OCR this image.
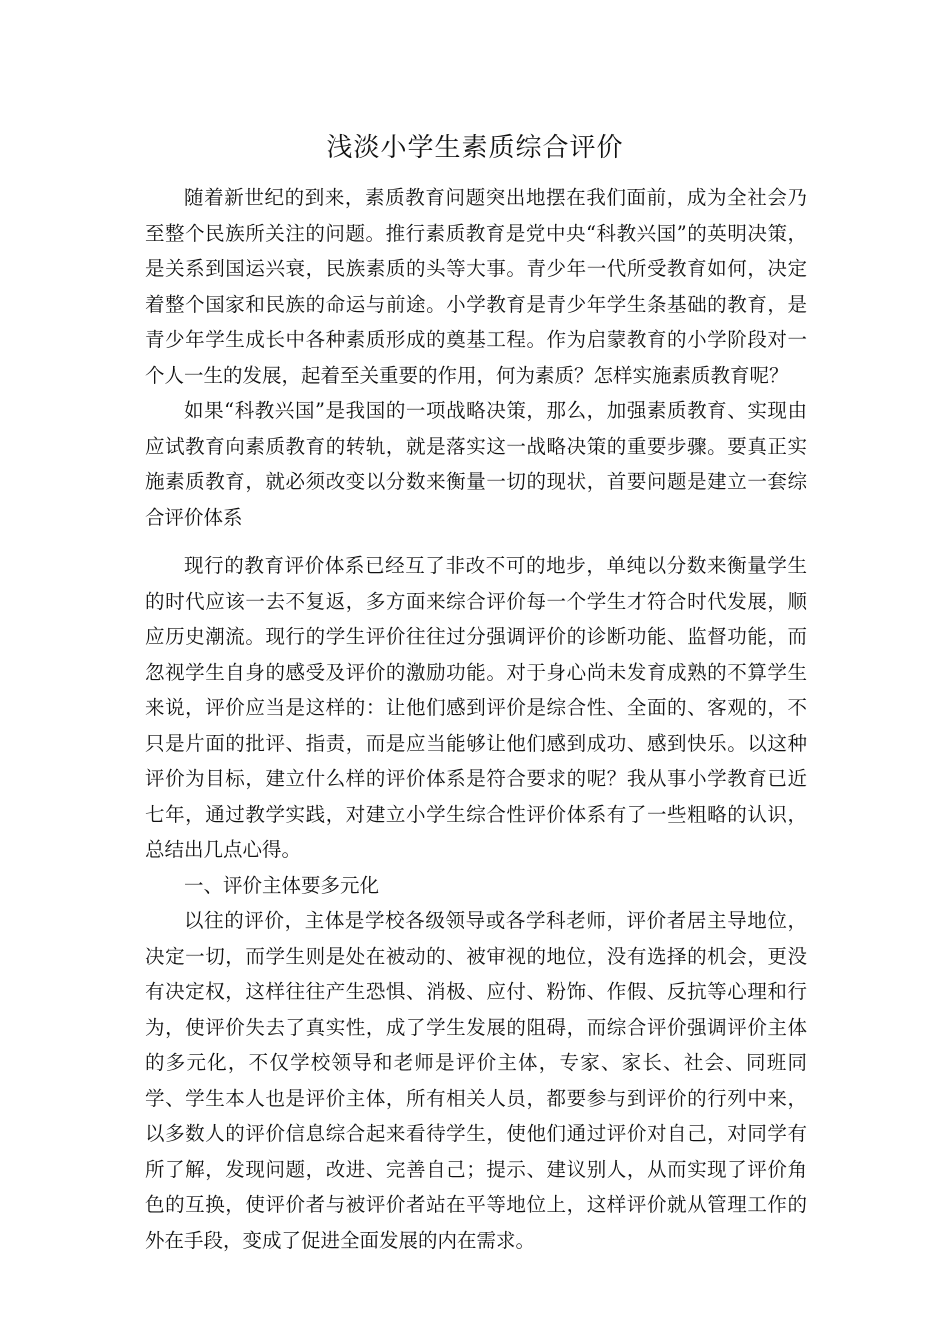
浅淡小学生素质综合评价

随着新世纪的到来，素质教育问题突出地摆在我们面前，成为全社会乃至整个民族所关注的问题。推行素质教育是党中央“科教兴国”的英明决策，是关系到国运兴衰，民族素质的头等大事。青少年一代所受教育如何，决定着整个国家和民族的命运与前途。小学教育是青少年学生条基础的教育，是青少年学生成长中各种素质形成的奠基工程。作为启蒙教育的小学阶段对一个人一生的发展，起着至关重要的作用，何为素质？怎样实施素质教育呢？

如果“科教兴国”是我国的一项战略决策，那么，加强素质教育、实现由应试教育向素质教育的转轨，就是落实这一战略决策的重要步骤。要真正实施素质教育，就必须改变以分数来衡量一切的现状，首要问题是建立一套综合评价体系

现行的教育评价体系已经互了非改不可的地步，单纯以分数来衡量学生的时代应该一去不复返，多方面来综合评价每一个学生才符合时代发展，顺应历史潮流。现行的学生评价往往过分强调评价的诊断功能、监督功能，而忽视学生自身的感受及评价的激励功能。对于身心尚未发育成熟的不算学生来说，评价应当是这样的：让他们感到评价是综合性、全面的、客观的，不只是片面的批评、指责，而是应当能够让他们感到成功、感到快乐。以这种评价为目标，建立什么样的评价体系是符合要求的呢？我从事小学教育已近七年，通过教学实践，对建立小学生综合性评价体系有了一些粗略的认识，总结出几点心得。

一、评价主体要多元化

以往的评价，主体是学校各级领导或各学科老师，评价者居主导地位，决定一切，而学生则是处在被动的、被审视的地位，没有选择的机会，更没有决定权，这样往往产生恐惧、消极、应付、粉饰、作假、反抗等心理和行为，使评价失去了真实性，成了学生发展的阻碍，而综合评价强调评价主体的多元化，不仅学校领导和老师是评价主体，专家、家长、社会、同班同学、学生本人也是评价主体，所有相关人员，都要参与到评价的行列中来，以多数人的评价信息综合起来看待学生，使他们通过评价对自己，对同学有所了解，发现问题，改进、完善自己；提示、建议别人，从而实现了评价角色的互换，使评价者与被评价者站在平等地位上，这样评价就从管理工作的外在手段，变成了促进全面发展的内在需求。
